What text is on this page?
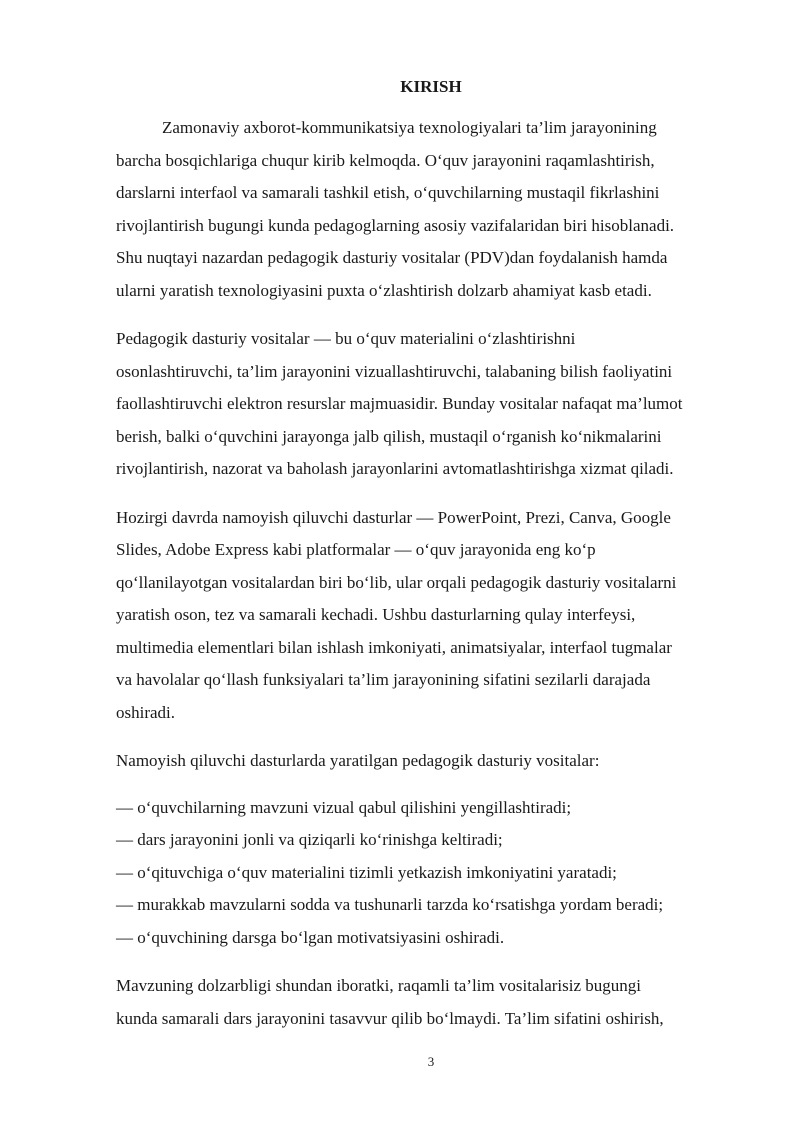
KIRISH
Zamonaviy axborot-kommunikatsiya texnologiyalari ta’lim jarayonining
barcha bosqichlariga chuqur kirib kelmoqda. O‘quv jarayonini raqamlashtirish,
darslarni interfaol va samarali tashkil etish, o‘quvchilarning mustaqil fikrlashini
rivojlantirish bugungi kunda pedagoglarning asosiy vazifalaridan biri hisoblanadi.
Shu nuqtayi nazardan pedagogik dasturiy vositalar (PDV)dan foydalanish hamda
ularni yaratish texnologiyasini puxta o‘zlashtirish dolzarb ahamiyat kasb etadi.
Pedagogik dasturiy vositalar — bu o‘quv materialini o‘zlashtirishni
osonlashtiruvchi, ta’lim jarayonini vizuallashtiruvchi, talabaning bilish faoliyatini
faollashtiruvchi elektron resurslar majmuasidir. Bunday vositalar nafaqat ma’lumot
berish, balki o‘quvchini jarayonga jalb qilish, mustaqil o‘rganish ko‘nikmalarini
rivojlantirish, nazorat va baholash jarayonlarini avtomatlashtirishga xizmat qiladi.
Hozirgi davrda namoyish qiluvchi dasturlar — PowerPoint, Prezi, Canva, Google
Slides, Adobe Express kabi platformalar — o‘quv jarayonida eng ko‘p
qo‘llanilayotgan vositalardan biri bo‘lib, ular orqali pedagogik dasturiy vositalarni
yaratish oson, tez va samarali kechadi. Ushbu dasturlarning qulay interfeysi,
multimedia elementlari bilan ishlash imkoniyati, animatsiyalar, interfaol tugmalar
va havolalar qo‘llash funksiyalari ta’lim jarayonining sifatini sezilarli darajada
oshiradi.
Namoyish qiluvchi dasturlarda yaratilgan pedagogik dasturiy vositalar:
— o‘quvchilarning mavzuni vizual qabul qilishini yengillashtiradi;
— dars jarayonini jonli va qiziqarli ko‘rinishga keltiradi;
— o‘qituvchiga o‘quv materialini tizimli yetkazish imkoniyatini yaratadi;
— murakkab mavzularni sodda va tushunarli tarzda ko‘rsatishga yordam beradi;
— o‘quvchining darsga bo‘lgan motivatsiyasini oshiradi.
Mavzuning dolzarbligi shundan iboratki, raqamli ta’lim vositalarisiz bugungi
kunda samarali dars jarayonini tasavvur qilib bo‘lmaydi. Ta’lim sifatini oshirish,
3
